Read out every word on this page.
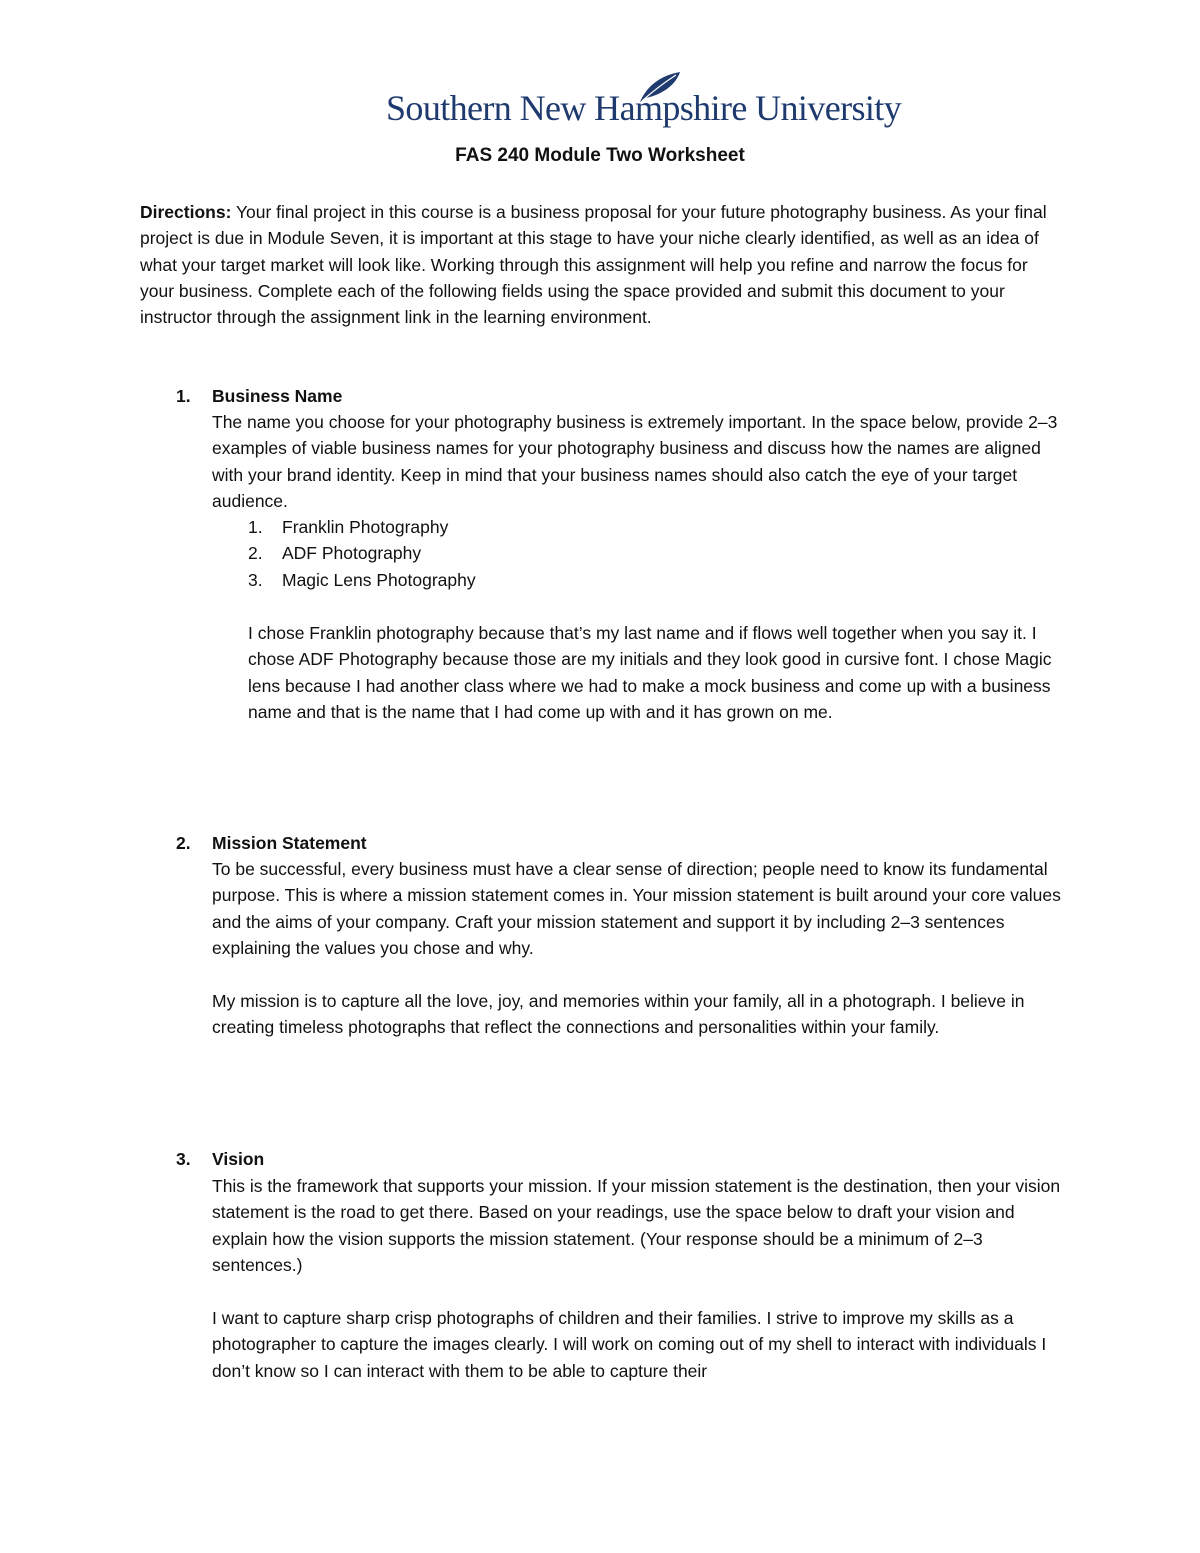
Southern New Hampshire University
FAS 240 Module Two Worksheet

Directions: Your final project in this course is a business proposal for your future photography business. As your final project is due in Module Seven, it is important at this stage to have your niche clearly identified, as well as an idea of what your target market will look like. Working through this assignment will help you refine and narrow the focus for your business. Complete each of the following fields using the space provided and submit this document to your instructor through the assignment link in the learning environment.

1. Business Name

The name you choose for your photography business is extremely important. In the space below, provide 2–3 examples of viable business names for your photography business and discuss how the names are aligned with your brand identity. Keep in mind that your business names should also catch the eye of your target audience.

1. Franklin Photography
2. ADF Photography
3. Magic Lens Photography

I chose Franklin photography because that’s my last name and if flows well together when you say it. I chose ADF Photography because those are my initials and they look good in cursive font. I chose Magic lens because I had another class where we had to make a mock business and come up with a business name and that is the name that I had come up with and it has grown on me.

2. Mission Statement

To be successful, every business must have a clear sense of direction; people need to know its fundamental purpose. This is where a mission statement comes in. Your mission statement is built around your core values and the aims of your company. Craft your mission statement and support it by including 2–3 sentences explaining the values you chose and why.

My mission is to capture all the love, joy, and memories within your family, all in a photograph. I believe in creating timeless photographs that reflect the connections and personalities within your family.

3. Vision

This is the framework that supports your mission. If your mission statement is the destination, then your vision statement is the road to get there. Based on your readings, use the space below to draft your vision and explain how the vision supports the mission statement. (Your response should be a minimum of 2–3 sentences.)

I want to capture sharp crisp photographs of children and their families. I strive to improve my skills as a photographer to capture the images clearly. I will work on coming out of my shell to interact with individuals I don’t know so I can interact with them to be able to capture their
